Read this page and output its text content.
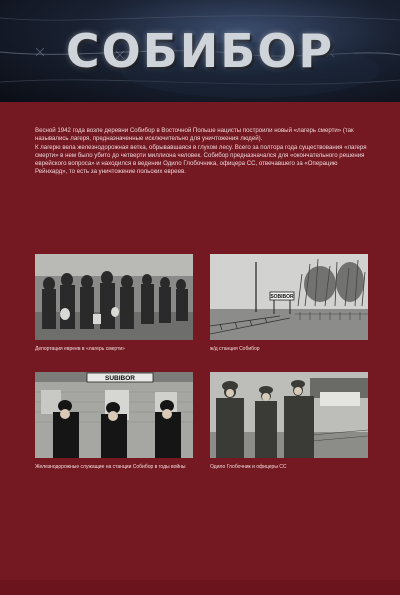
СОБИБОР

Весной 1942 года возле деревни Собибор в Восточной Польше нацисты построили новый «лагерь смерти» (так назывались лагеря, предназначенные исключительно для уничтожения людей).

К лагерю вела железнодорожная ветка, обрывавшаяся в глухом лесу. Всего за полтора года существования «лагеря смерти» в нем было убито до четверти миллиона человек. Собибор предназначался для «окончательного решения еврейского вопроса» и находился в ведении Одило Глобочника, офицера СС, отвечавшего за «Операцию Рейнхард», то есть за уничтожение польских евреев.

Депортация евреев в «лагерь смерти»
SOBIBOR
ж/д станция Собибор
SUBIBOR
Железнодорожные служащие на станции Собибор в годы войны	Одило Глобочник и офицеры СС
